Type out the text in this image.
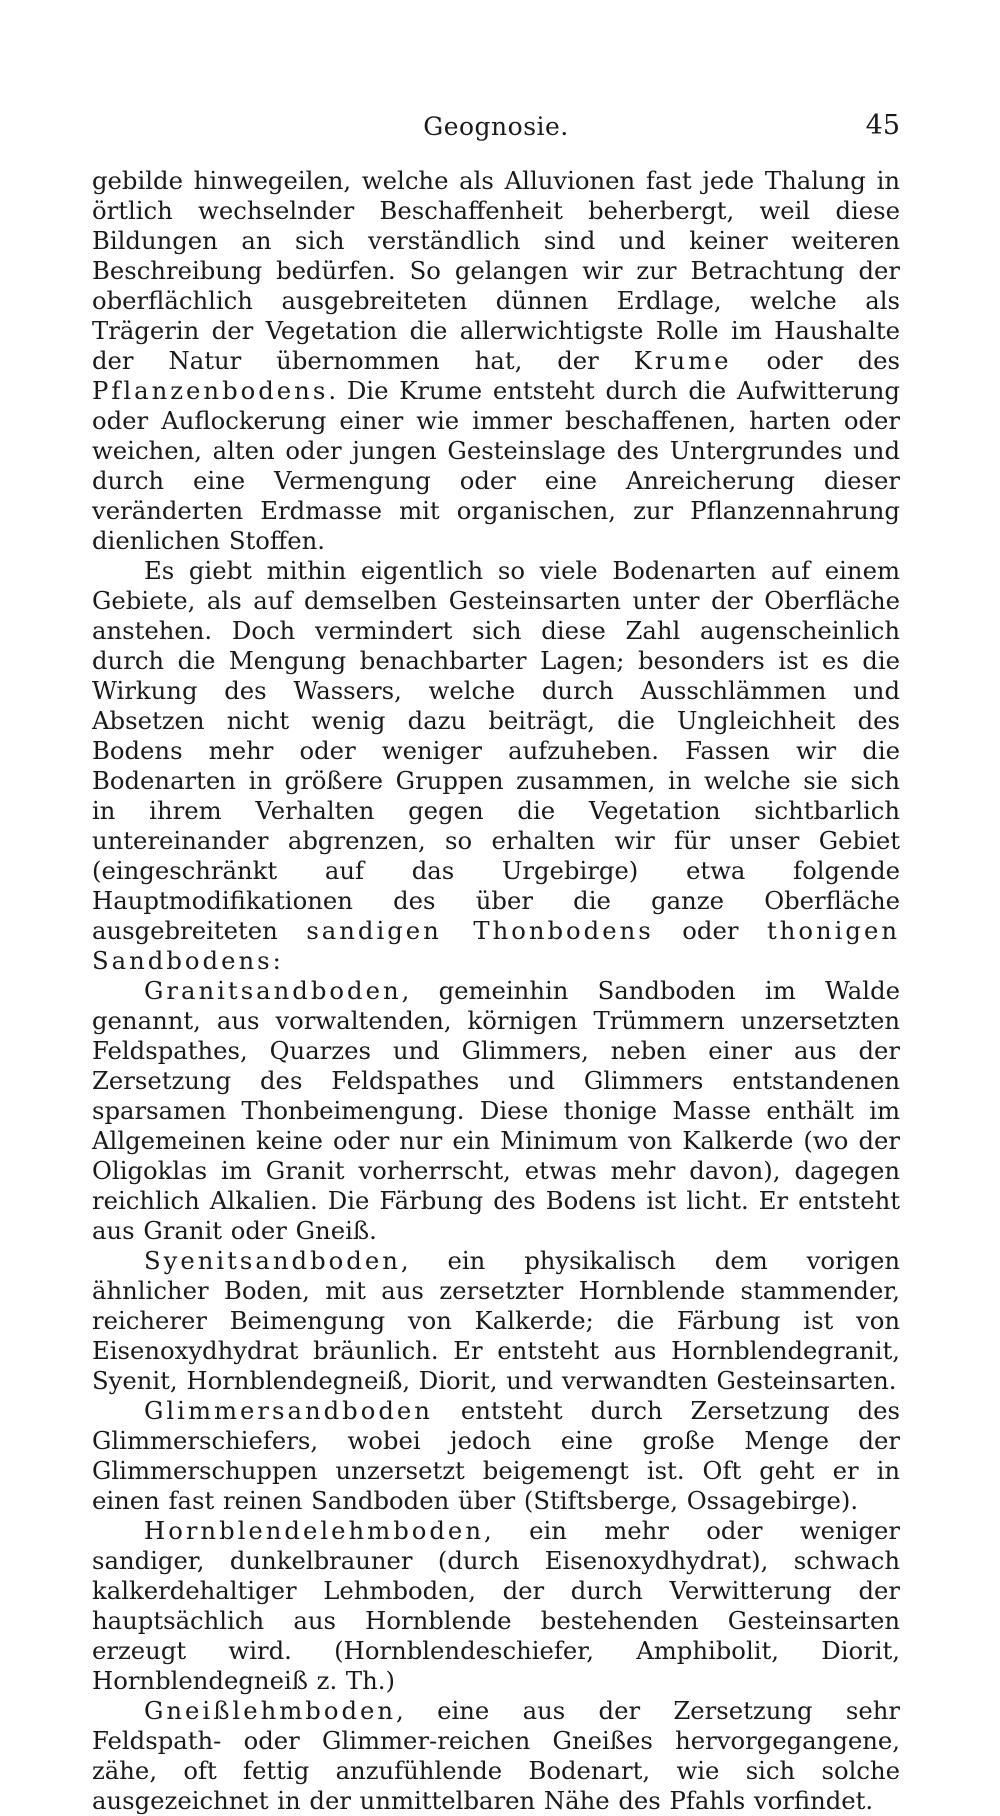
Geognosie.	45

gebilde hinwegeilen, welche als Alluvionen fast jede Thalung in örtlich wechselnder Beschaffenheit beherbergt, weil diese Bildungen an sich verständlich sind und keiner weiteren Beschreibung bedürfen. So gelangen wir zur Betrachtung der oberflächlich ausgebreiteten dünnen Erdlage, welche als Trägerin der Vegetation die allerwichtigste Rolle im Haushalte der Natur übernommen hat, der Krume oder des Pflanzenbodens. Die Krume entsteht durch die Aufwitterung oder Auflockerung einer wie immer beschaffenen, harten oder weichen, alten oder jungen Gesteinslage des Untergrundes und durch eine Vermengung oder eine Anreicherung dieser veränderten Erdmasse mit organischen, zur Pflanzennahrung dienlichen Stoffen.

Es giebt mithin eigentlich so viele Bodenarten auf einem Gebiete, als auf demselben Gesteinsarten unter der Oberfläche anstehen. Doch vermindert sich diese Zahl augenscheinlich durch die Mengung benachbarter Lagen; besonders ist es die Wirkung des Wassers, welche durch Ausschlämmen und Absetzen nicht wenig dazu beiträgt, die Ungleichheit des Bodens mehr oder weniger aufzuheben. Fassen wir die Bodenarten in größere Gruppen zusammen, in welche sie sich in ihrem Verhalten gegen die Vegetation sichtbarlich untereinander abgrenzen, so erhalten wir für unser Gebiet (eingeschränkt auf das Urgebirge) etwa folgende Hauptmodifikationen des über die ganze Oberfläche ausgebreiteten sandigen Thonbodens oder thonigen Sandbodens:

Granitsandboden, gemeinhin Sandboden im Walde genannt, aus vorwaltenden, körnigen Trümmern unzersetzten Feldspathes, Quarzes und Glimmers, neben einer aus der Zersetzung des Feldspathes und Glimmers entstandenen sparsamen Thonbeimengung. Diese thonige Masse enthält im Allgemeinen keine oder nur ein Minimum von Kalkerde (wo der Oligoklas im Granit vorherrscht, etwas mehr davon), dagegen reichlich Alkalien. Die Färbung des Bodens ist licht. Er entsteht aus Granit oder Gneiß.

Syenitsandboden, ein physikalisch dem vorigen ähnlicher Boden, mit aus zersetzter Hornblende stammender, reicherer Beimengung von Kalkerde; die Färbung ist von Eisenoxydhydrat bräunlich. Er entsteht aus Hornblendegranit, Syenit, Hornblendegneiß, Diorit, und verwandten Gesteinsarten.

Glimmersandboden entsteht durch Zersetzung des Glimmerschiefers, wobei jedoch eine große Menge der Glimmerschuppen unzersetzt beigemengt ist. Oft geht er in einen fast reinen Sandboden über (Stiftsberge, Ossagebirge).

Hornblendelehmboden, ein mehr oder weniger sandiger, dunkelbrauner (durch Eisenoxydhydrat), schwach kalkerdehaltiger Lehmboden, der durch Verwitterung der hauptsächlich aus Hornblende bestehenden Gesteinsarten erzeugt wird. (Hornblendeschiefer, Amphibolit, Diorit, Hornblendegneiß z. Th.)

Gneißlehmboden, eine aus der Zersetzung sehr Feldspath- oder Glimmer-reichen Gneißes hervorgegangene, zähe, oft fettig anzufühlende Bodenart, wie sich solche ausgezeichnet in der unmittelbaren Nähe des Pfahls vorfindet.
